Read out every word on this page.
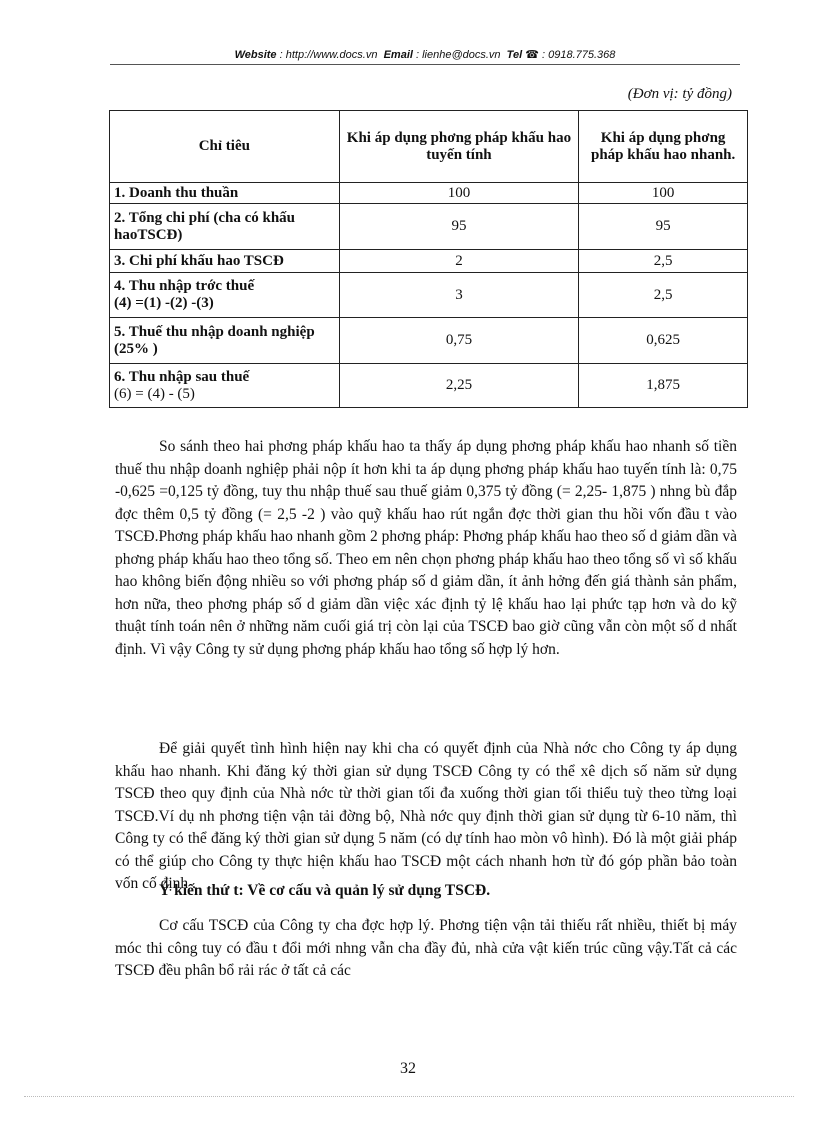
Website : http://www.docs.vn Email : lienhe@docs.vn Tel ☎ : 0918.775.368
(Đơn vị: tỷ đồng)
Chỉ tiêu	Khi áp dụng phơng pháp khấu hao tuyến tính	Khi áp dụng phơng pháp khấu hao nhanh.
1. Doanh thu thuần	100	100
2. Tổng chi phí (cha có khấu haoTSCĐ)	95	95
3. Chi phí khấu hao TSCĐ	2	2,5
4. Thu nhập trớc thuế
(4) =(1) -(2) -(3)	3	2,5
5. Thuế thu nhập doanh nghiệp (25% )	0,75	0,625
6. Thu nhập sau thuế
(6) = (4) - (5)	2,25	1,875

So sánh theo hai phơng pháp khấu hao ta thấy áp dụng phơng pháp khấu hao nhanh số tiền thuế thu nhập doanh nghiệp phải nộp ít hơn khi ta áp dụng phơng pháp khấu hao tuyến tính là: 0,75 -0,625 =0,125 tỷ đồng, tuy thu nhập thuế sau thuế giảm 0,375 tỷ đồng (= 2,25- 1,875 ) nhng bù đắp đợc thêm 0,5 tỷ đồng (= 2,5 -2 ) vào quỹ khấu hao rút ngắn đợc thời gian thu hồi vốn đầu t vào TSCĐ.Phơng pháp khấu hao nhanh gồm 2 phơng pháp: Phơng pháp khấu hao theo số d giảm dần và phơng pháp khấu hao theo tổng số. Theo em nên chọn phơng pháp khấu hao theo tổng số vì số khấu hao không biến động nhiều so với phơng pháp số d giảm dần, ít ảnh hởng đến giá thành sản phẩm, hơn nữa, theo phơng pháp số d giảm dần việc xác định tỷ lệ khấu hao lại phức tạp hơn và do kỹ thuật tính toán nên ở những năm cuối giá trị còn lại của TSCĐ bao giờ cũng vẫn còn một số d nhất định. Vì vậy Công ty sử dụng phơng pháp khấu hao tổng số hợp lý hơn.

Để giải quyết tình hình hiện nay khi cha có quyết định của Nhà nớc cho Công ty áp dụng khấu hao nhanh. Khi đăng ký thời gian sử dụng TSCĐ Công ty có thể xê dịch số năm sử dụng TSCĐ theo quy định của Nhà nớc từ thời gian tối đa xuống thời gian tối thiểu tuỳ theo từng loại TSCĐ.Ví dụ nh phơng tiện vận tải đờng bộ, Nhà nớc quy định thời gian sử dụng từ 6-10 năm, thì Công ty có thể đăng ký thời gian sử dụng 5 năm (có dự tính hao mòn vô hình). Đó là một giải pháp có thể giúp cho Công ty thực hiện khấu hao TSCĐ một cách nhanh hơn từ đó góp phần bảo toàn vốn cố định .

Ý kiến thứ t: Về cơ cấu và quản lý sử dụng TSCĐ.

Cơ cấu TSCĐ của Công ty cha đợc hợp lý. Phơng tiện vận tải thiếu rất nhiều, thiết bị máy móc thi công tuy có đầu t đổi mới nhng vẫn cha đầy đủ, nhà cửa vật kiến trúc cũng vậy.Tất cả các TSCĐ đều phân bổ rải rác ở tất cả các

32
